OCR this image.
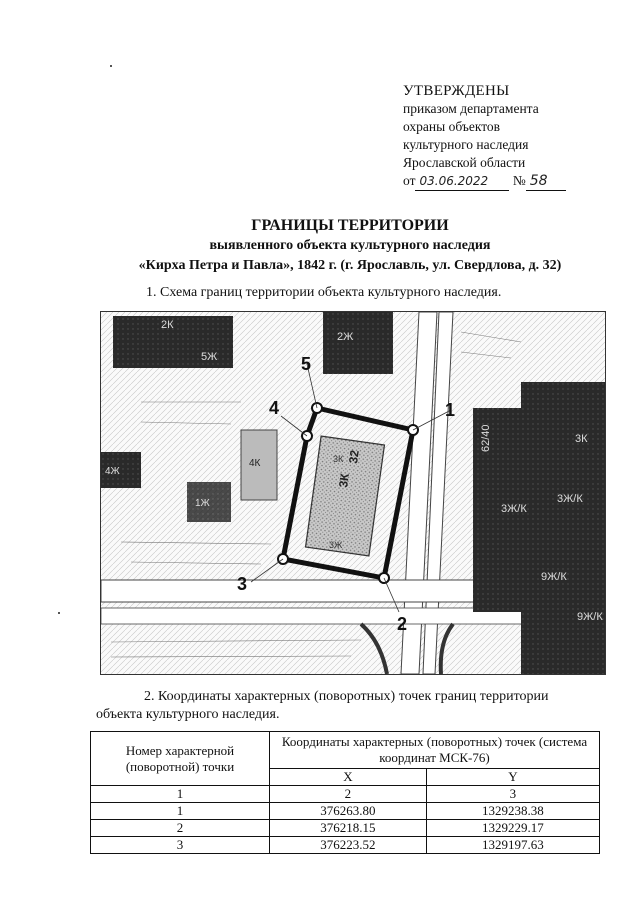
УТВЕРЖДЕНЫ
приказом департамента
охраны объектов
культурного наследия
Ярославской области
от 03.06.2022 № 58
ГРАНИЦЫ ТЕРРИТОРИИ
выявленного объекта культурного наследия
«Кирха Петра и Павла», 1842 г. (г. Ярославль, ул. Свердлова, д. 32)
1. Схема границ территории объекта культурного наследия.
2К
5Ж
2Ж
4Ж
1Ж
4К
3К
62/40
3Ж/К
3Ж/К
9Ж/К
9Ж/К
3К
32
3К
3Ж
1
2
3
4
5
2. Координаты характерных (поворотных) точек границ территории
объекта культурного наследия.
Номер характерной (поворотной) точки	Координаты характерных (поворотных) точек (система координат МСК-76)	
	X	Y
1	2	3
1	376263.80	1329238.38
2	376218.15	1329229.17
3	376223.52	1329197.63
